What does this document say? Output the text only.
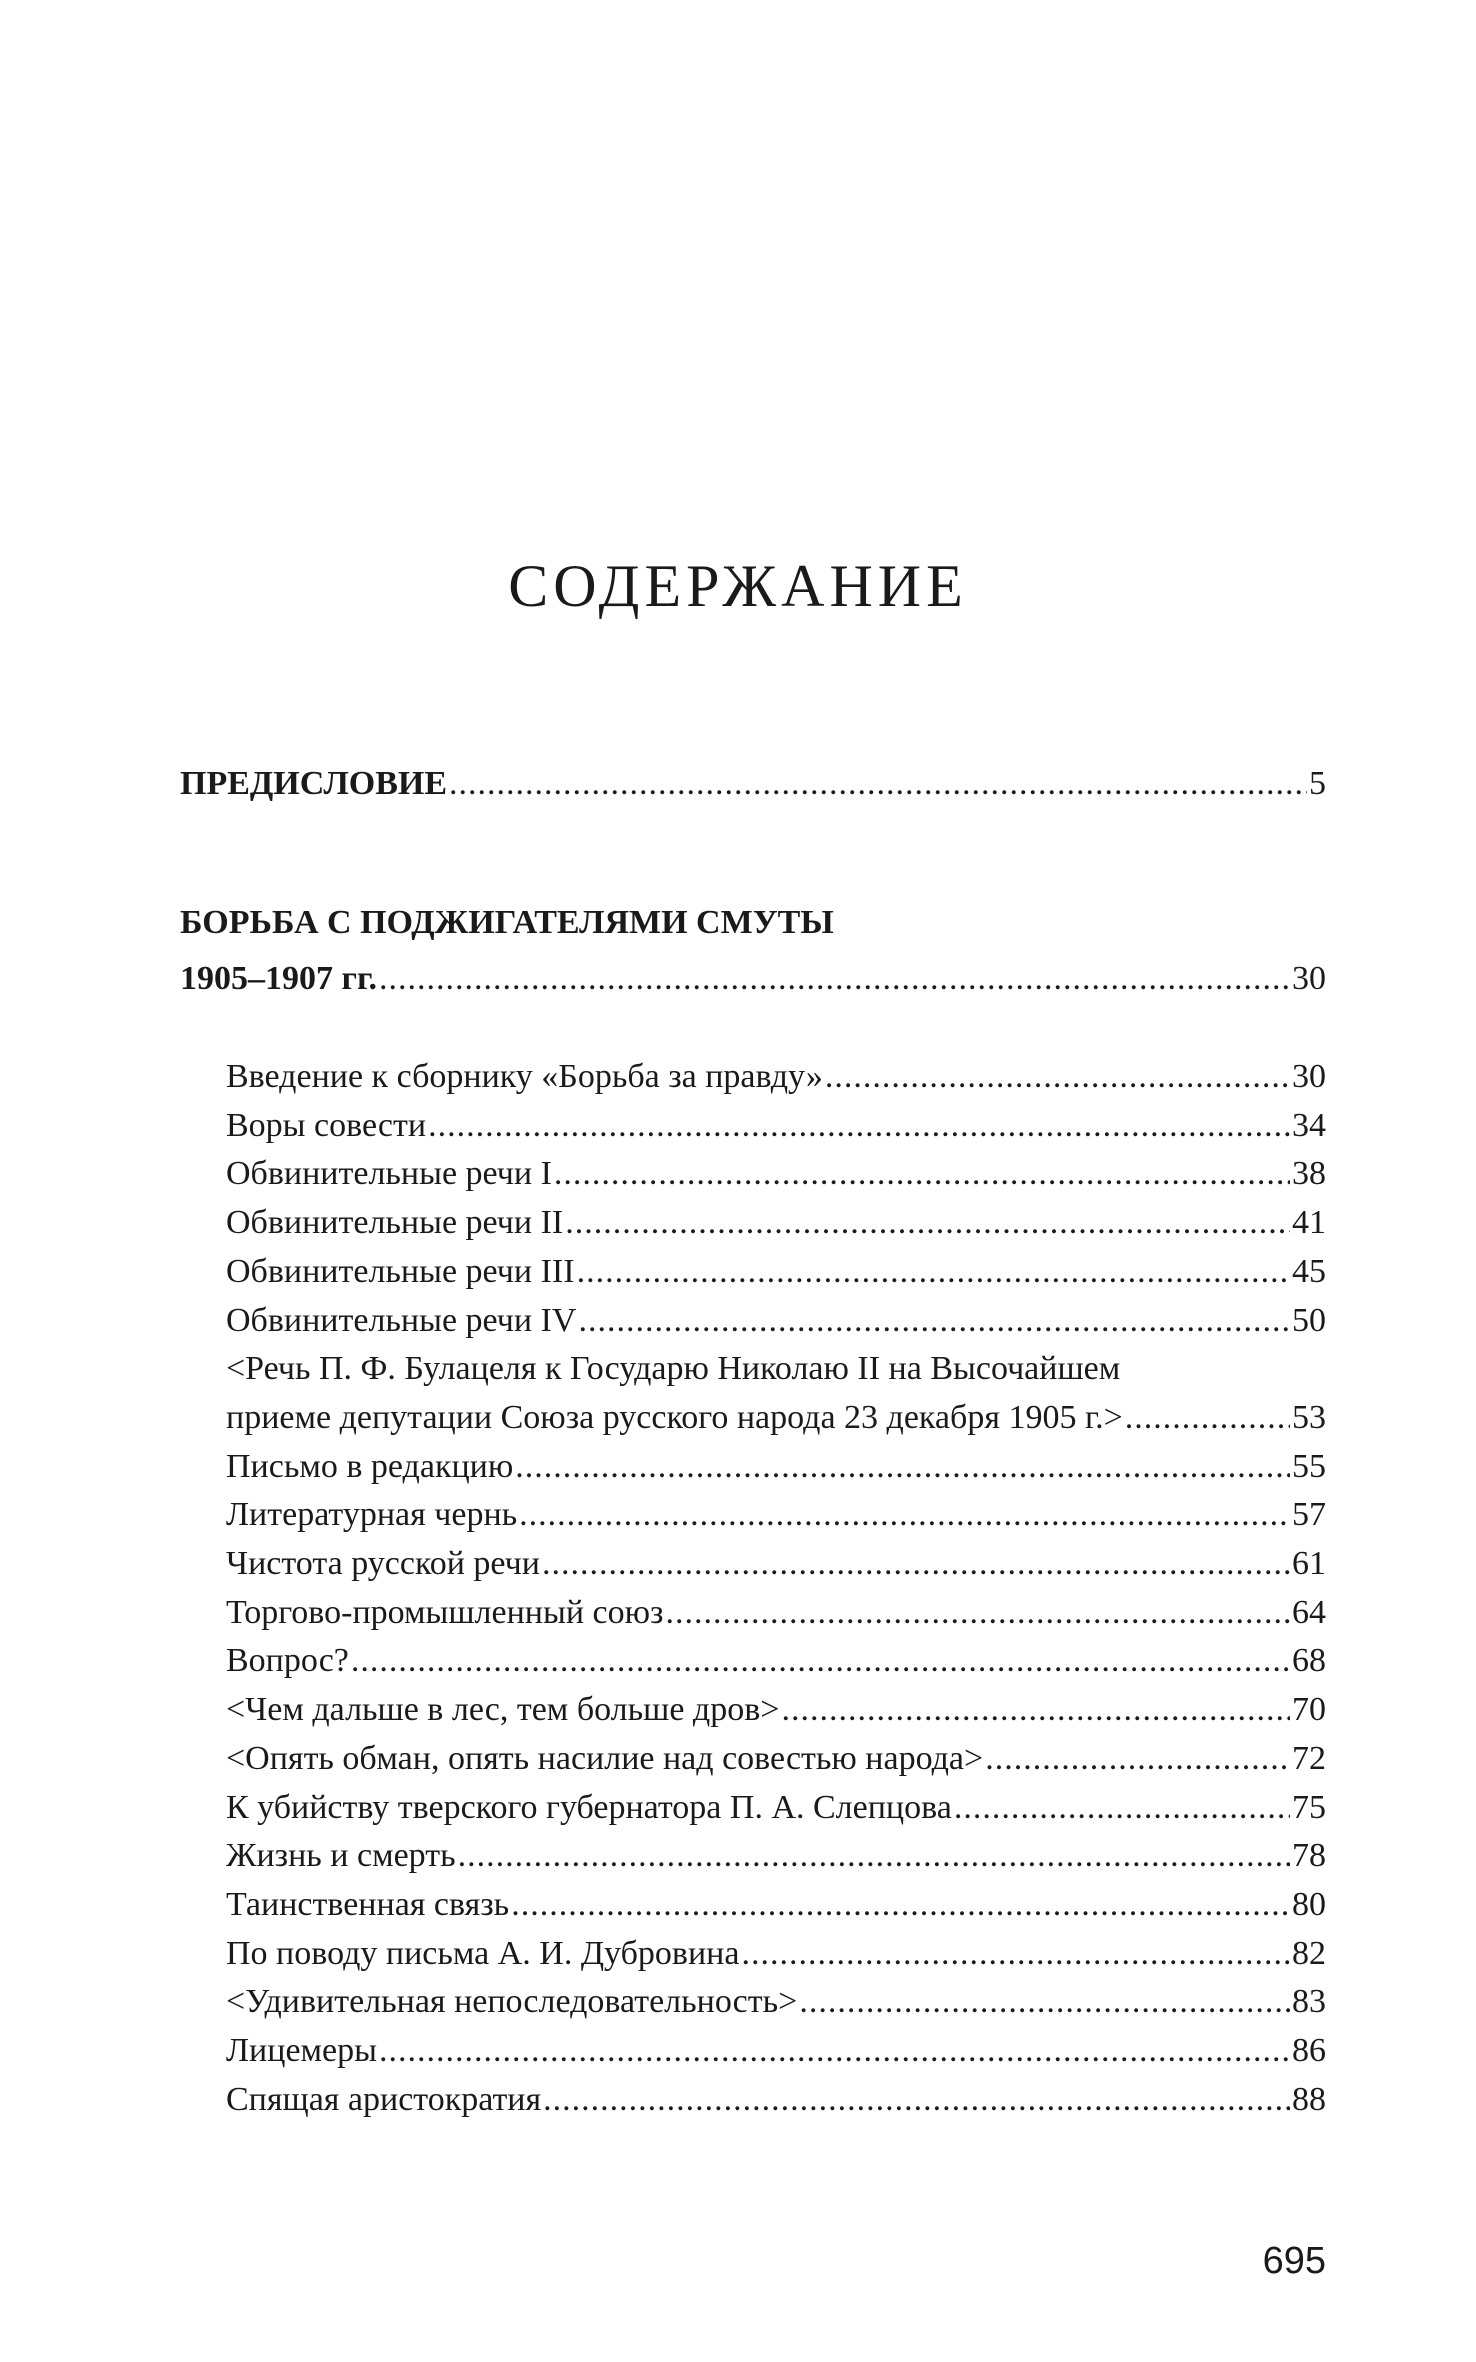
СОДЕРЖАНИЕ
ПРЕДИСЛОВИЕ .....	5
БОРЬБА С ПОДЖИГАТЕЛЯМИ СМУТЫ
1905–1907 гг. .....	30
Введение к сборнику «Борьба за правду» .....	30
Воры совести .....	34
Обвинительные речи I .....	38
Обвинительные речи II .....	41
Обвинительные речи III .....	45
Обвинительные речи IV .....	50
<Речь П. Ф. Булацеля к Государю Николаю II на Высочайшем
приеме депутации Союза русского народа 23 декабря 1905 г.> .....	53
Письмо в редакцию .....	55
Литературная чернь .....	57
Чистота русской речи .....	61
Торгово-промышленный союз .....	64
Вопрос? .....	68
<Чем дальше в лес, тем больше дров> .....	70
<Опять обман, опять насилие над совестью народа> .....	72
К убийству тверского губернатора П. А. Слепцова .....	75
Жизнь и смерть .....	78
Таинственная связь .....	80
По поводу письма А. И. Дубровина .....	82
<Удивительная непоследовательность> .....	83
Лицемеры .....	86
Спящая аристократия .....	88
695
